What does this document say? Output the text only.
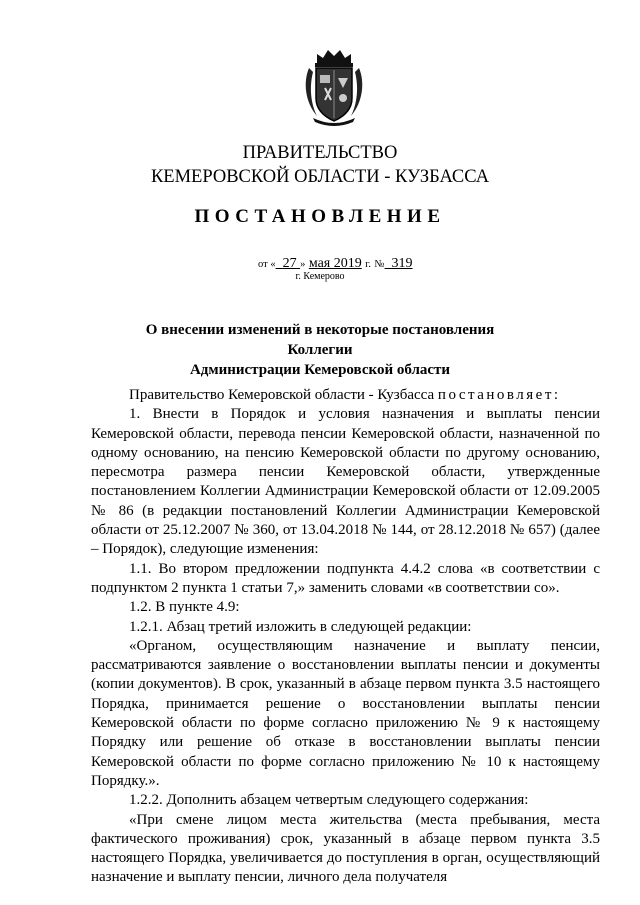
ПРАВИТЕЛЬСТВО
КЕМЕРОВСКОЙ ОБЛАСТИ - КУЗБАССА
ПОСТАНОВЛЕНИЕ
от « 27 » мая 2019 г. № 319
г. Кемерово
О внесении изменений в некоторые постановления Коллегии
Администрации Кемеровской области

Правительство Кемеровской области - Кузбасса постановляет:

1. Внести в Порядок и условия назначения и выплаты пенсии Кемеровской области, перевода пенсии Кемеровской области, назначенной по одному основанию, на пенсию Кемеровской области по другому основанию, пересмотра размера пенсии Кемеровской области, утвержденные постановлением Коллегии Администрации Кемеровской области от 12.09.2005 № 86 (в редакции постановлений Коллегии Администрации Кемеровской области от 25.12.2007 № 360, от 13.04.2018 № 144, от 28.12.2018 № 657) (далее – Порядок), следующие изменения:

1.1. Во втором предложении подпункта 4.4.2 слова «в соответствии с подпунктом 2 пункта 1 статьи 7,» заменить словами «в соответствии со».

1.2. В пункте 4.9:

1.2.1. Абзац третий изложить в следующей редакции:

«Органом, осуществляющим назначение и выплату пенсии, рассматриваются заявление о восстановлении выплаты пенсии и документы (копии документов). В срок, указанный в абзаце первом пункта 3.5 настоящего Порядка, принимается решение о восстановлении выплаты пенсии Кемеровской области по форме согласно приложению № 9 к настоящему Порядку или решение об отказе в восстановлении выплаты пенсии Кемеровской области по форме согласно приложению № 10 к настоящему Порядку.».

1.2.2. Дополнить абзацем четвертым следующего содержания:

«При смене лицом места жительства (места пребывания, места фактического проживания) срок, указанный в абзаце первом пункта 3.5 настоящего Порядка, увеличивается до поступления в орган, осуществляющий назначение и выплату пенсии, личного дела получателя
